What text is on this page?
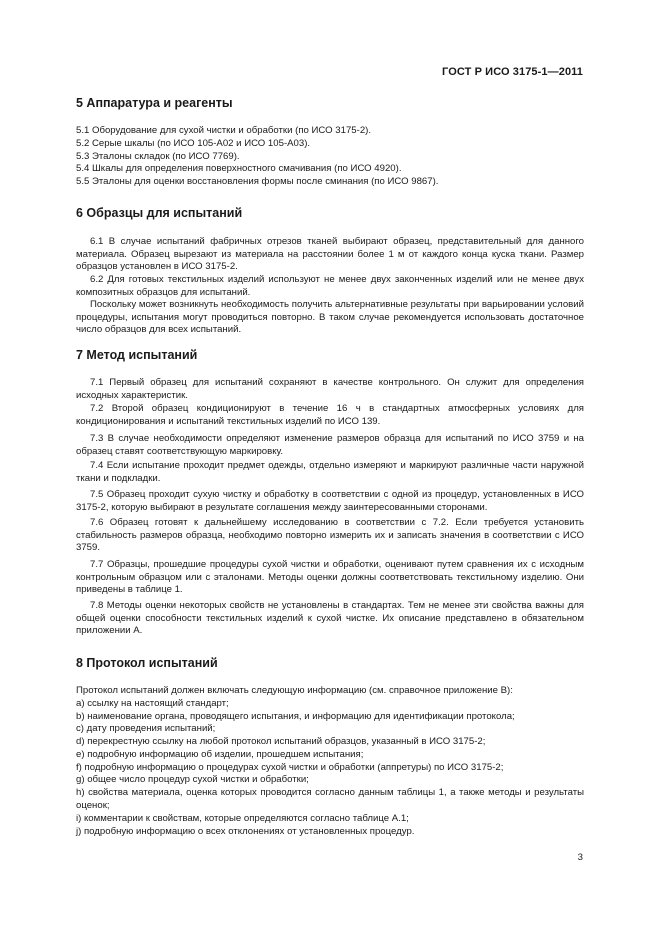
ГОСТ Р ИСО 3175-1—2011
5 Аппаратура и реагенты
5.1 Оборудование для сухой чистки и обработки (по ИСО 3175-2).
5.2 Серые шкалы (по ИСО 105-А02 и ИСО 105-А03).
5.3 Эталоны складок (по ИСО 7769).
5.4 Шкалы для определения поверхностного смачивания (по ИСО 4920).
5.5 Эталоны для оценки восстановления формы после сминания (по ИСО 9867).
6 Образцы для испытаний

6.1 В случае испытаний фабричных отрезов тканей выбирают образец, представительный для данного материала. Образец вырезают из материала на расстоянии более 1 м от каждого конца куска ткани. Размер образцов установлен в ИСО 3175-2.

6.2 Для готовых текстильных изделий используют не менее двух законченных изделий или не менее двух композитных образцов для испытаний.

Поскольку может возникнуть необходимость получить альтернативные результаты при варьировании условий процедуры, испытания могут проводиться повторно. В таком случае рекомендуется использовать достаточное число образцов для всех испытаний.

7 Метод испытаний

7.1 Первый образец для испытаний сохраняют в качестве контрольного. Он служит для определения исходных характеристик.

7.2 Второй образец кондиционируют в течение 16 ч в стандартных атмосферных условиях для кондиционирования и испытаний текстильных изделий по ИСО 139.

7.3 В случае необходимости определяют изменение размеров образца для испытаний по ИСО 3759 и на образец ставят соответствующую маркировку.

7.4 Если испытание проходит предмет одежды, отдельно измеряют и маркируют различные части наружной ткани и подкладки.

7.5 Образец проходит сухую чистку и обработку в соответствии с одной из процедур, установленных в ИСО 3175-2, которую выбирают в результате соглашения между заинтересованными сторонами.

7.6 Образец готовят к дальнейшему исследованию в соответствии с 7.2. Если требуется установить стабильность размеров образца, необходимо повторно измерить их и записать значения в соответствии с ИСО 3759.

7.7 Образцы, прошедшие процедуры сухой чистки и обработки, оценивают путем сравнения их с исходным контрольным образцом или с эталонами. Методы оценки должны соответствовать текстильному изделию. Они приведены в таблице 1.

7.8 Методы оценки некоторых свойств не установлены в стандартах. Тем не менее эти свойства важны для общей оценки способности текстильных изделий к сухой чистке. Их описание представлено в обязательном приложении А.

8 Протокол испытаний
Протокол испытаний должен включать следующую информацию (см. справочное приложение В):
a) ссылку на настоящий стандарт;
b) наименование органа, проводящего испытания, и информацию для идентификации протокола;
c) дату проведения испытаний;
d) перекрестную ссылку на любой протокол испытаний образцов, указанный в ИСО 3175-2;
e) подробную информацию об изделии, прошедшем испытания;
f) подробную информацию о процедурах сухой чистки и обработки (аппретуры) по ИСО 3175-2;
g) общее число процедур сухой чистки и обработки;

h) свойства материала, оценка которых проводится согласно данным таблицы 1, а также методы и результаты оценок;

i) комментарии к свойствам, которые определяются согласно таблице А.1;
j) подробную информацию о всех отклонениях от установленных процедур.
3
